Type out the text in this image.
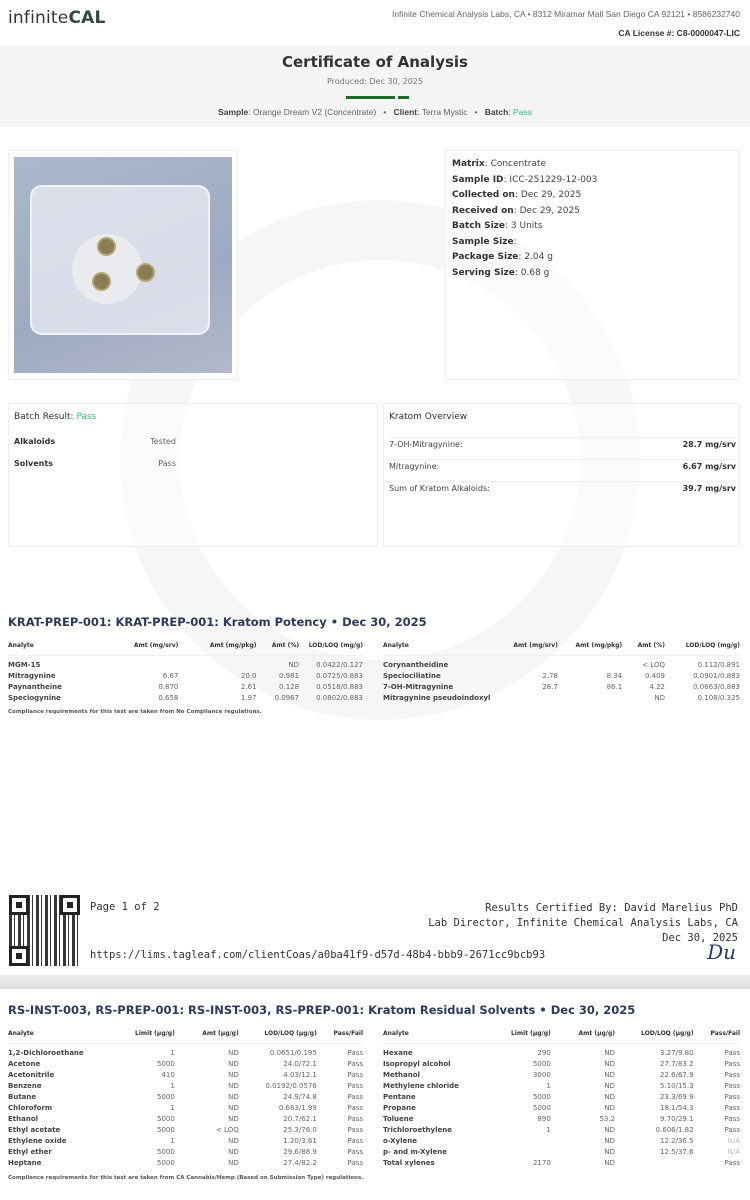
infiniteCAL	Infinite Chemical Analysis Labs, CA • 8312 Miramar Mall San Diego CA 92121 • 8586232740
CA License #: C8-0000047-LIC
Certificate of Analysis
Produced: Dec 30, 2025
Sample: Orange Dream V2 (Concentrate) • Client: Terra Mystic • Batch: Pass
Matrix: Concentrate
Sample ID: ICC-251229-12-003
Collected on: Dec 29, 2025
Received on: Dec 29, 2025
Batch Size: 3 Units
Sample Size:
Package Size: 2.04 g
Serving Size: 0.68 g
Batch Result: Pass
Alkaloids	Tested
Solvents	Pass
Kratom Overview
7-OH-Mitragynine:	28.7 mg/srv
Mitragynine:	6.67 mg/srv
Sum of Kratom Alkaloids:	39.7 mg/srv
KRAT-PREP-001: KRAT-PREP-001: Kratom Potency • Dec 30, 2025
Analyte	Amt (mg/srv)	Amt (mg/pkg)	Amt (%)	LOD/LOQ (mg/g)

MGM-15			ND	0.0422/0.127
Mitragynine	6.67	20.0	0.981	0.0725/0.883
Paynantheine	0.870	2.61	0.128	0.0518/0.883
Speciogynine	0.658	1.97	0.0967	0.0802/0.883
Analyte	Amt (mg/srv)	Amt (mg/pkg)	Amt (%)	LOD/LOQ (mg/g)

Corynantheidine			< LOQ	0.112/0.891
Speciociliatine	2.78	8.34	0.409	0.0901/0.883
7-OH-Mitragynine	28.7	86.1	4.22	0.0663/0.883
Mitragynine pseudoindoxyl			ND	0.108/0.325
Compliance requirements for this test are taken from No Compliance regulations.
Page 1 of 2
https://lims.tagleaf.com/clientCoas/a0ba41f9-d57d-48b4-bbb9-2671cc9bcb93
Results Certified By: David Marelius PhD
Lab Director, Infinite Chemical Analysis Labs, CA
Dec 30, 2025
Du
RS-INST-003, RS-PREP-001: RS-INST-003, RS-PREP-001: Kratom Residual Solvents • Dec 30, 2025
Analyte	Limit (µg/g)	Amt (µg/g)	LOD/LOQ (µg/g)	Pass/Fail

1,2-Dichloroethane	1	ND	0.0651/0.195	Pass
Acetone	5000	ND	24.0/72.1	Pass
Acetonitrile	410	ND	4.03/12.1	Pass
Benzene	1	ND	0.0192/0.0576	Pass
Butane	5000	ND	24.9/74.8	Pass
Chloroform	1	ND	0.663/1.99	Pass
Ethanol	5000	ND	20.7/62.1	Pass
Ethyl acetate	5000	< LOQ	25.3/76.0	Pass
Ethylene oxide	1	ND	1.20/3.61	Pass
Ethyl ether	5000	ND	29.6/88.9	Pass
Heptane	5000	ND	27.4/82.2	Pass
Analyte	Limit (µg/g)	Amt (µg/g)	LOD/LOQ (µg/g)	Pass/Fail

Hexane	290	ND	3.27/9.80	Pass
Isopropyl alcohol	5000	ND	27.7/83.2	Pass
Methanol	3000	ND	22.6/67.9	Pass
Methylene chloride	1	ND	5.10/15.3	Pass
Pentane	5000	ND	23.3/69.9	Pass
Propane	5000	ND	18.1/54.3	Pass
Toluene	890	53.2	9.70/29.1	Pass
Trichloroethylene	1	ND	0.606/1.82	Pass
o-Xylene		ND	12.2/36.5	N/A
p- and m-Xylene		ND	12.5/37.6	N/A
Total xylenes	2170	ND		Pass
Compliance requirements for this test are taken from CA Cannabis/Hemp (Based on Submission Type) regulations.
